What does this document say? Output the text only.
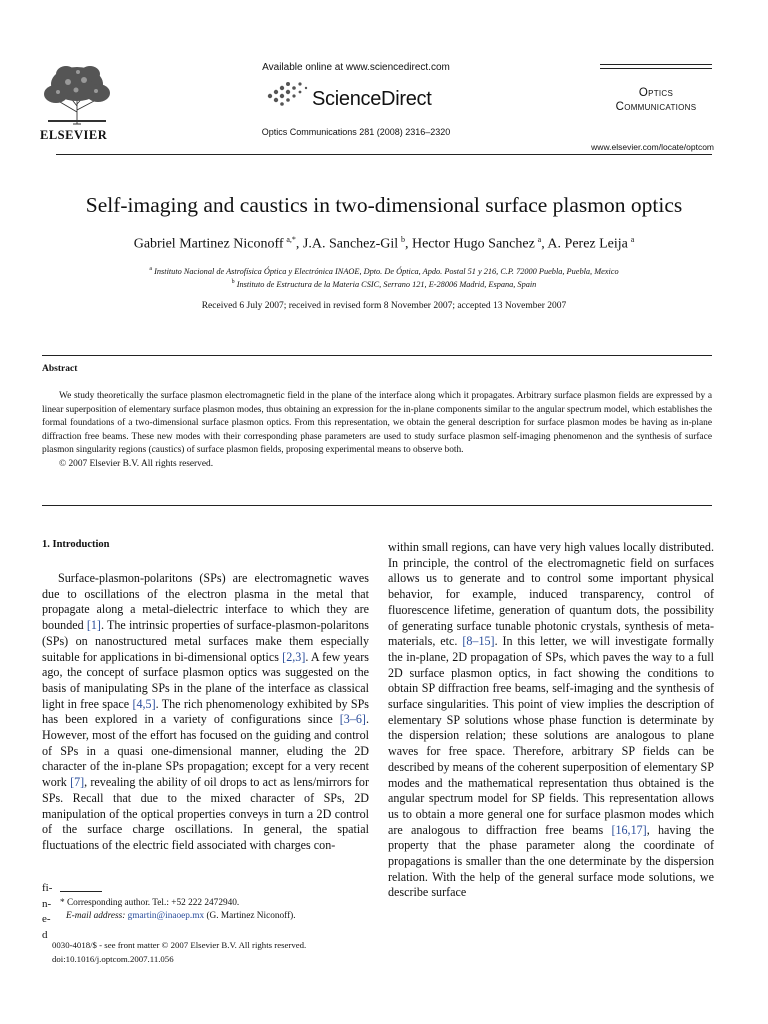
ELSEVIER
Available online at www.sciencedirect.com
ScienceDirect
Optics Communications 281 (2008) 2316–2320
Optics
Communications
www.elsevier.com/locate/optcom
Self-imaging and caustics in two-dimensional surface plasmon optics
Gabriel Martinez Niconoff  $^{a,*}$, J.A. Sanchez-Gil  $^b$, Hector Hugo Sanchez  $^a$, A. Perez Leija  $^a$
$^a$ Instituto Nacional de Astrofísica Óptica y Electrónica INAOE, Dpto. De Óptica, Apdo. Postal 51 y 216, C.P. 72000 Puebla, Puebla, Mexico
$^b$ Instituto de Estructura de la Materia CSIC, Serrano 121, E-28006 Madrid, Espana, Spain
Received 6 July 2007; received in revised form 8 November 2007; accepted 13 November 2007
Abstract

We study theoretically the surface plasmon electromagnetic field in the plane of the interface along which it propagates. Arbitrary surface plasmon fields are expressed by a linear superposition of elementary surface plasmon modes, thus obtaining an expression for the in-plane components similar to the angular spectrum model, which establishes the formal foundations of a two-dimensional surface plasmon optics. From this representation, we obtain the general description for surface plasmon modes be having as in-plane diffraction free beams. These new modes with their corresponding phase parameters are used to study surface plasmon self-imaging phenomenon and the synthesis of surface plasmon singularity regions (caustics) of surface plasmon fields, proposing experimental means to observe both.

© 2007 Elsevier B.V. All rights reserved.

1. Introduction

Surface-plasmon-polaritons (SPs) are electromagnetic waves due to oscillations of the electron plasma in the metal that propagate along a metal-dielectric interface to which they are bounded [1]. The intrinsic properties of surface-plasmon-polaritons (SPs) on nanostructured metal surfaces make them especially suitable for applications in bi-dimensional optics [2,3]. A few years ago, the concept of surface plasmon optics was suggested on the basis of manipulating SPs in the plane of the interface as classical light in free space [4,5]. The rich phenomenology exhibited by SPs has been explored in a variety of configurations since [3–6]. However, most of the effort has focused on the guiding and control of SPs in a quasi one-dimensional manner, eluding the 2D character of the in-plane SPs propagation; except for a very recent work [7], revealing the ability of oil drops to act as lens/mirrors for SPs. Recall that due to the mixed character of SPs, 2D manipulation of the optical properties conveys in turn a 2D control of the surface charge oscillations. In general, the spatial fluctuations of the electric field associated with charges con-

within small regions, can have very high values locally distributed. In principle, the control of the electromagnetic field on surfaces allows us to generate and to control some important physical behavior, for example, induced transparency, control of fluorescence lifetime, generation of quantum dots, the possibility of generating surface tunable photonic crystals, synthesis of meta-materials, etc. [8–15]. In this letter, we will investigate formally the in-plane, 2D propagation of SPs, which paves the way to a full 2D surface plasmon optics, in fact showing the conditions to obtain SP diffraction free beams, self-imaging and the synthesis of surface singularities. This point of view implies the description of elementary SP solutions whose phase function is determinate by the dispersion relation; these solutions are analogous to plane waves for free space. Therefore, arbitrary SP fields can be described by means of the coherent superposition of elementary SP modes and the mathematical representation thus obtained is the angular spectrum model for SP fields. This representation allows us to obtain a more general one for surface plasmon modes which are analogous to diffraction free beams [16,17], having the property that the phase parameter along the coordinate of propagations is smaller than the one determinate by the dispersion relation. With the help of the general surface mode solutions, we describe surface

fi-
n-
e-
d
* Corresponding author. Tel.: +52 222 2472940.
E-mail address: gmartin@inaoep.mx (G. Martinez Niconoff).
0030-4018/$ - see front matter © 2007 Elsevier B.V. All rights reserved.
doi:10.1016/j.optcom.2007.11.056
